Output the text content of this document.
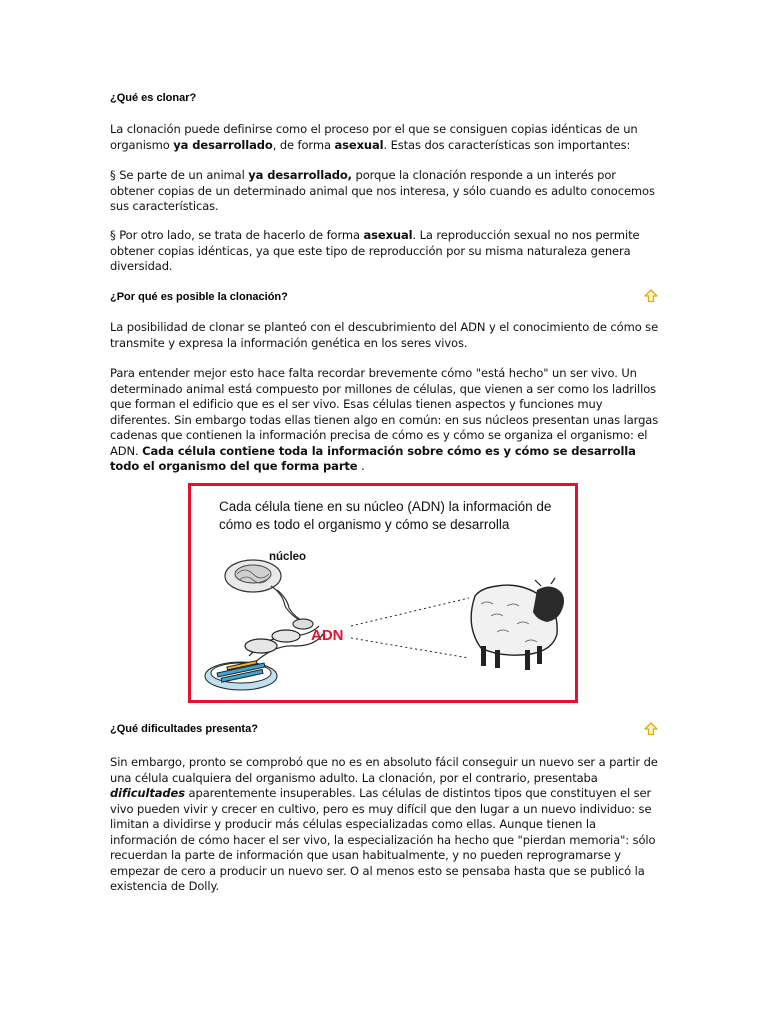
¿Qué es clonar?

La clonación puede definirse como el proceso por el que se consiguen copias idénticas de un organismo ya desarrollado, de forma asexual. Estas dos características son importantes:

§ Se parte de un animal ya desarrollado, porque la clonación responde a un interés por obtener copias de un determinado animal que nos interesa, y sólo cuando es adulto conocemos sus características.

§ Por otro lado, se trata de hacerlo de forma asexual. La reproducción sexual no nos permite obtener copias idénticas, ya que este tipo de reproducción por su misma naturaleza genera diversidad.

¿Por qué es posible la clonación?

La posibilidad de clonar se planteó con el descubrimiento del ADN y el conocimiento de cómo se transmite y expresa la información genética en los seres vivos.

Para entender mejor esto hace falta recordar brevemente cómo "está hecho" un ser vivo. Un determinado animal está compuesto por millones de células, que vienen a ser como los ladrillos que forman el edificio que es el ser vivo. Esas células tienen aspectos y funciones muy diferentes. Sin embargo todas ellas tienen algo en común: en sus núcleos presentan unas largas cadenas que contienen la información precisa de cómo es y cómo se organiza el organismo: el ADN. Cada célula contiene toda la información sobre cómo es y cómo se desarrolla todo el organismo del que forma parte .

¿Qué dificultades presenta?

Sin embargo, pronto se comprobó que no es en absoluto fácil conseguir un nuevo ser a partir de una célula cualquiera del organismo adulto. La clonación, por el contrario, presentaba dificultades aparentemente insuperables. Las células de distintos tipos que constituyen el ser vivo pueden vivir y crecer en cultivo, pero es muy difícil que den lugar a un nuevo individuo: se limitan a dividirse y producir más células especializadas como ellas. Aunque tienen la información de cómo hacer el ser vivo, la especialización ha hecho que "pierdan memoria": sólo recuerdan la parte de información que usan habitualmente, y no pueden reprogramarse y empezar de cero a producir un nuevo ser. O al menos esto se pensaba hasta que se publicó la existencia de Dolly.

Cada célula tiene en su núcleo (ADN) la información de cómo es todo el organismo y cómo se desarrolla
núcleo
ADN
